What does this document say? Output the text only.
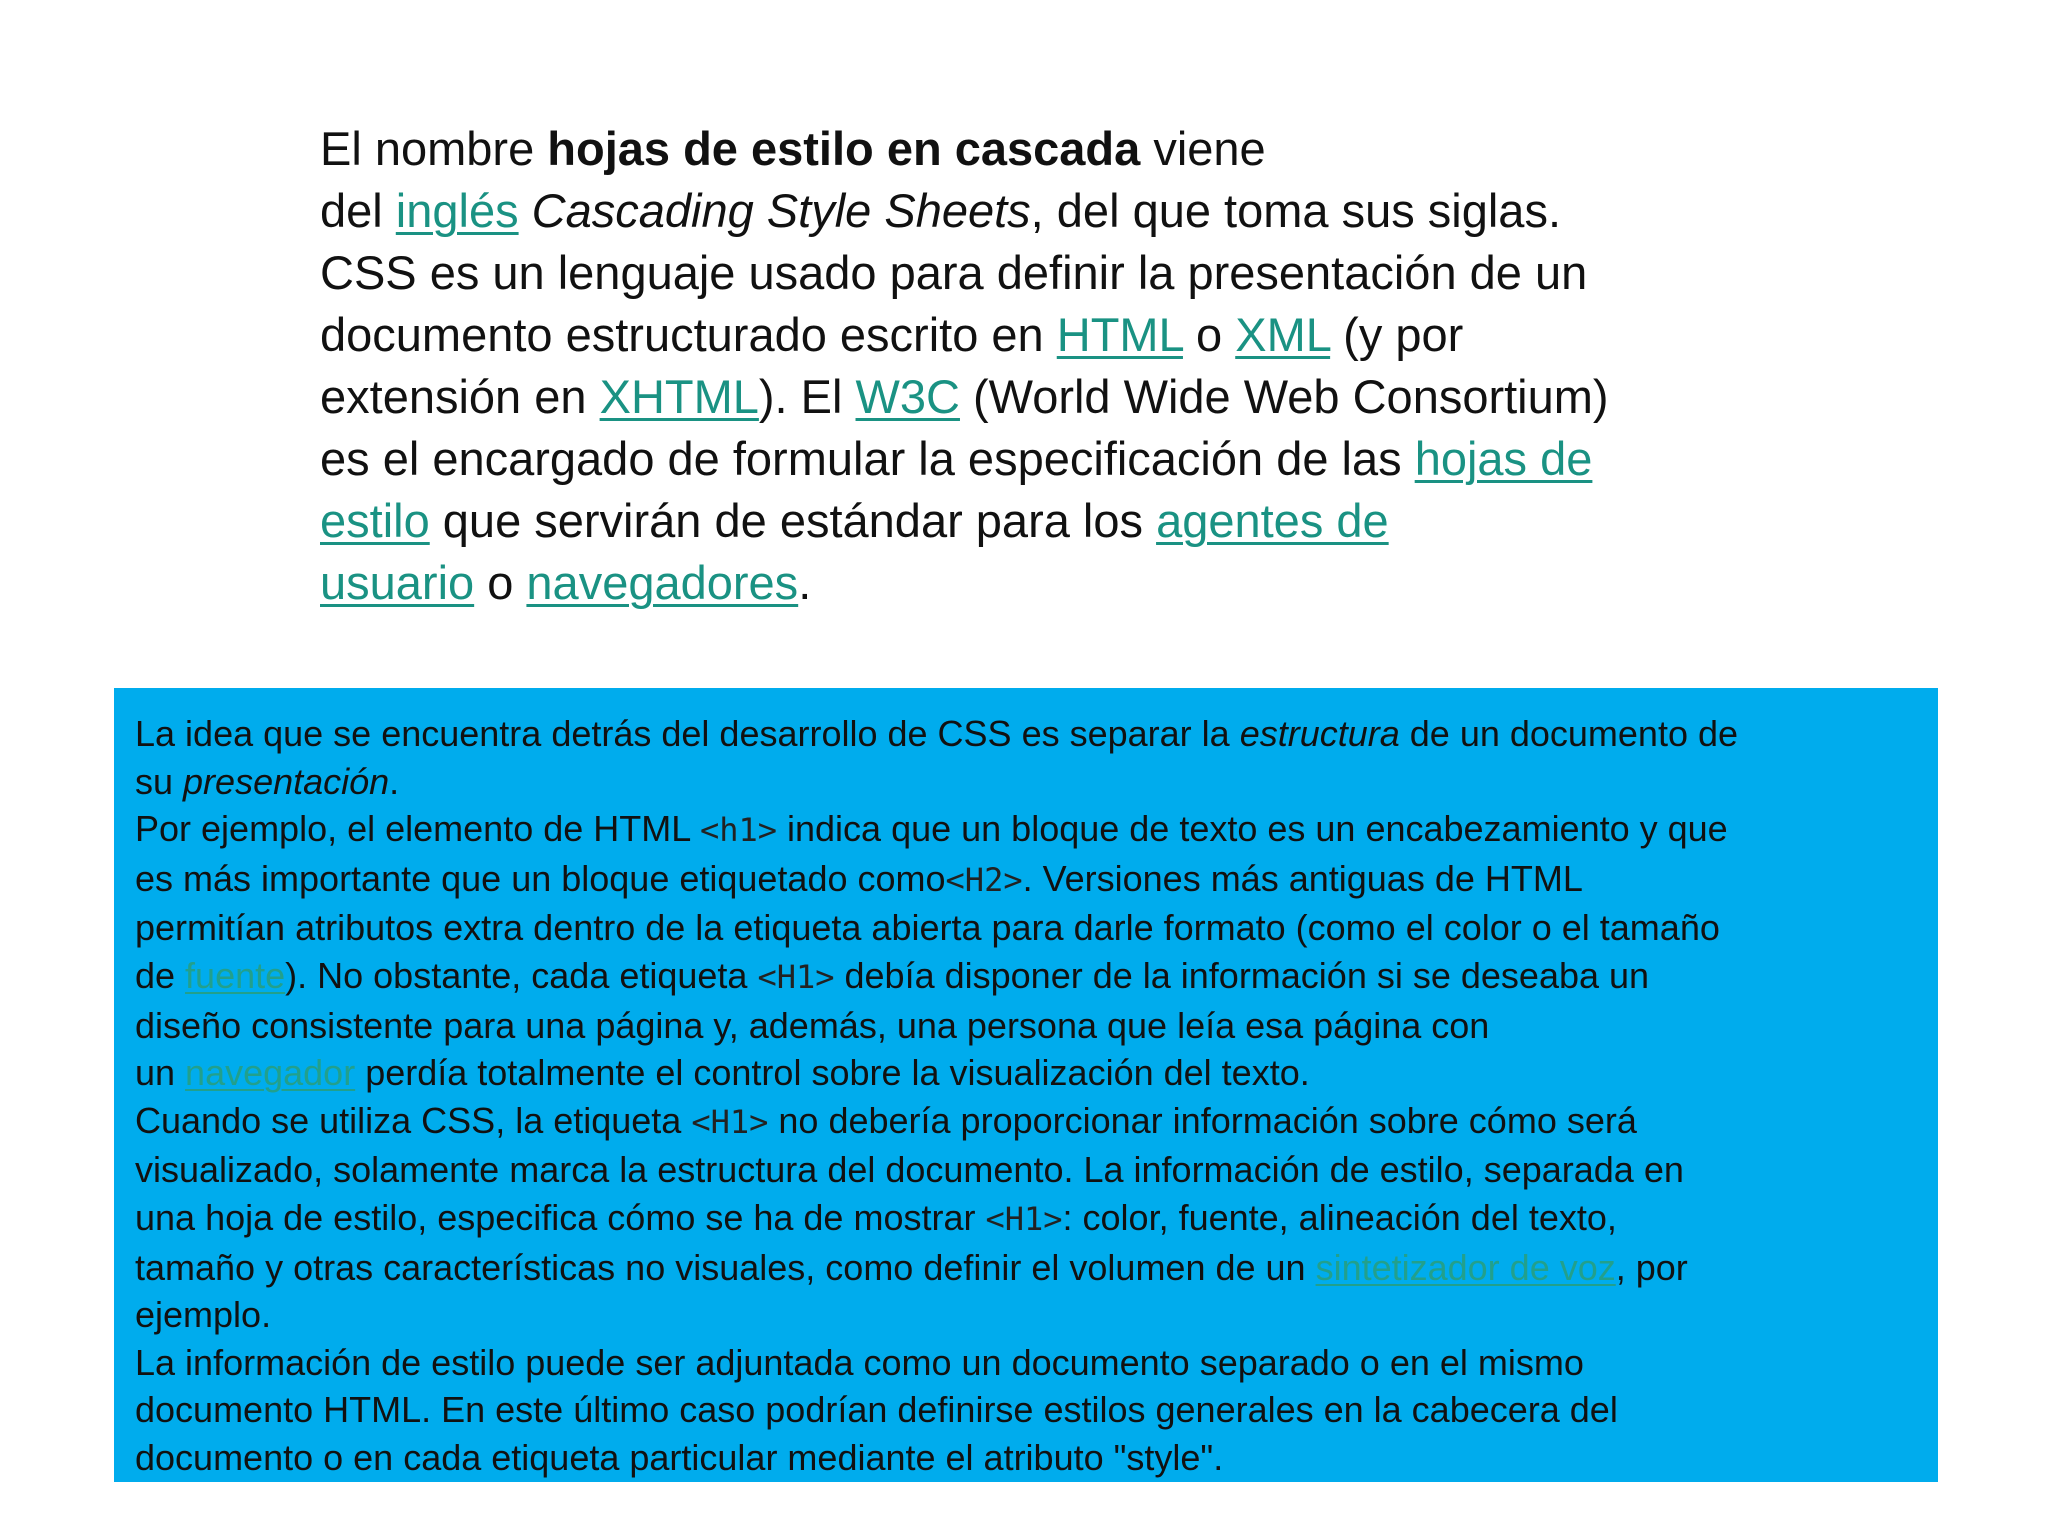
El nombre hojas de estilo en cascada viene
del inglés Cascading Style Sheets, del que toma sus siglas.
CSS es un lenguaje usado para definir la presentación de un
documento estructurado escrito en HTML o XML (y por
extensión en XHTML). El W3C (World Wide Web Consortium)
es el encargado de formular la especificación de las hojas de
estilo que servirán de estándar para los agentes de
usuario o navegadores.
La idea que se encuentra detrás del desarrollo de CSS es separar la estructura de un documento de
su presentación.
Por ejemplo, el elemento de HTML <h1> indica que un bloque de texto es un encabezamiento y que
es más importante que un bloque etiquetado como<H2>. Versiones más antiguas de HTML
permitían atributos extra dentro de la etiqueta abierta para darle formato (como el color o el tamaño
de fuente). No obstante, cada etiqueta <H1> debía disponer de la información si se deseaba un
diseño consistente para una página y, además, una persona que leía esa página con
un navegador perdía totalmente el control sobre la visualización del texto.
Cuando se utiliza CSS, la etiqueta <H1> no debería proporcionar información sobre cómo será
visualizado, solamente marca la estructura del documento. La información de estilo, separada en
una hoja de estilo, especifica cómo se ha de mostrar <H1>: color, fuente, alineación del texto,
tamaño y otras características no visuales, como definir el volumen de un sintetizador de voz, por
ejemplo.
La información de estilo puede ser adjuntada como un documento separado o en el mismo
documento HTML. En este último caso podrían definirse estilos generales en la cabecera del
documento o en cada etiqueta particular mediante el atributo "style".
